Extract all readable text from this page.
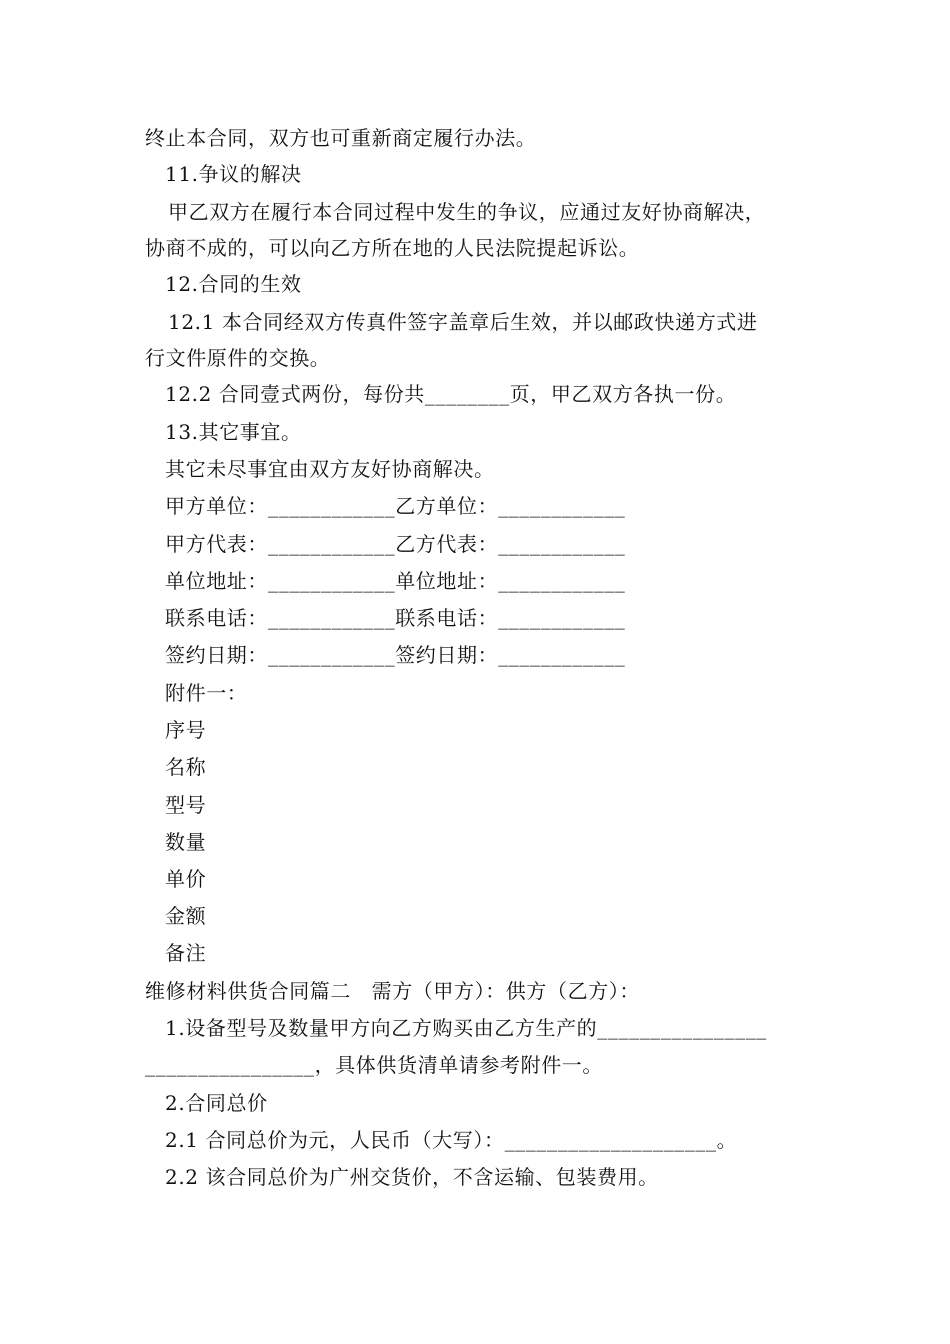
终止本合同，双方也可重新商定履行办法。
11.争议的解决
甲乙双方在履行本合同过程中发生的争议，应通过友好协商解决，
协商不成的，可以向乙方所在地的人民法院提起诉讼。
12.合同的生效
12.1 本合同经双方传真件签字盖章后生效，并以邮政快递方式进
行文件原件的交换。
12.2 合同壹式两份，每份共________页，甲乙双方各执一份。
13.其它事宜。
其它未尽事宜由双方友好协商解决。
甲方单位：____________乙方单位：____________
甲方代表：____________乙方代表：____________
单位地址：____________单位地址：____________
联系电话：____________联系电话：____________
签约日期：____________签约日期：____________
附件一：
序号
名称
型号
数量
单价
金额
备注
维修材料供货合同篇二　需方（甲方）：供方（乙方）：
1.设备型号及数量甲方向乙方购买由乙方生产的________________
________________，具体供货清单请参考附件一。
2.合同总价
2.1 合同总价为元，人民币（大写）：____________________。
2.2 该合同总价为广州交货价，不含运输、包装费用。
